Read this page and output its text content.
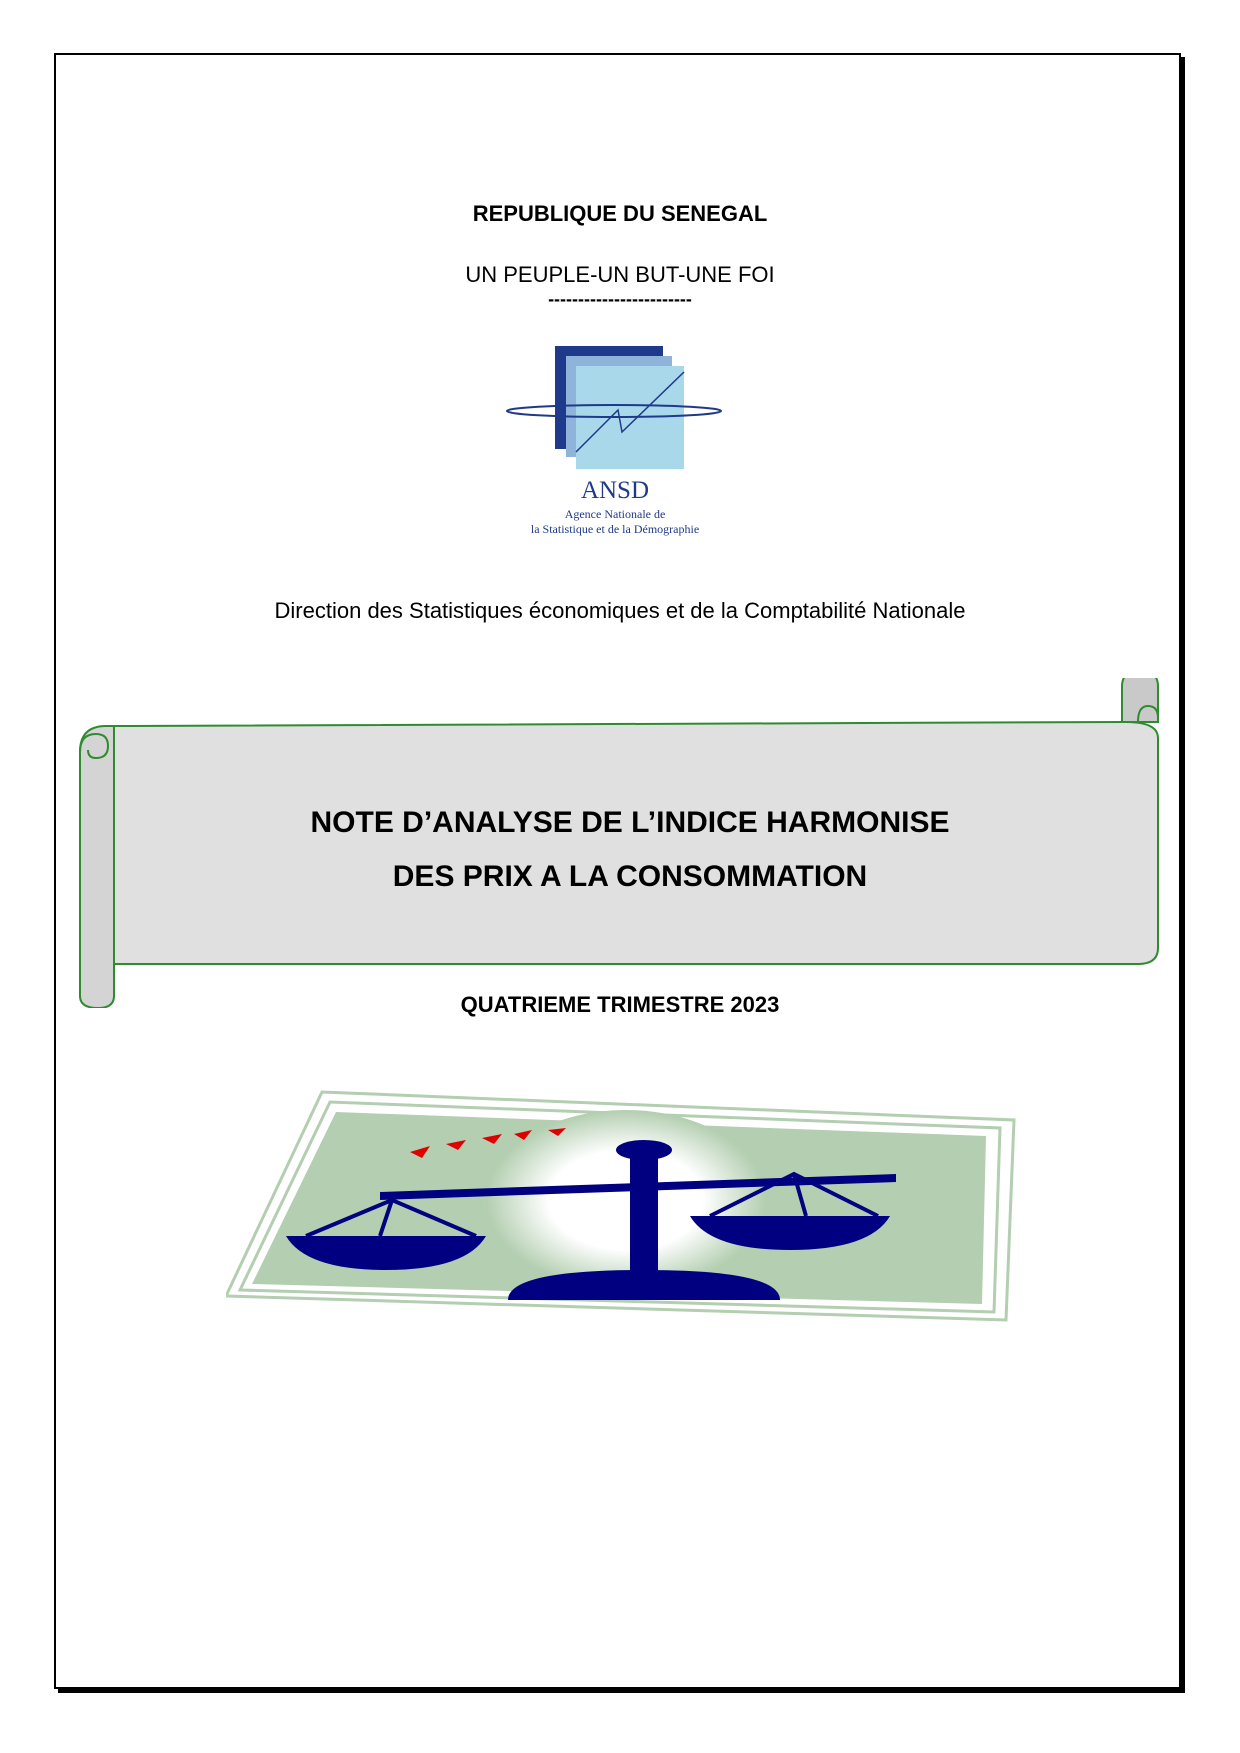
REPUBLIQUE DU SENEGAL
UN PEUPLE-UN BUT-UNE FOI
------------------------
ANSD
Agence Nationale de
la Statistique et de la Démographie
Direction des Statistiques économiques et de la Comptabilité Nationale
NOTE D’ANALYSE DE L’INDICE HARMONISE
DES PRIX A LA CONSOMMATION
QUATRIEME TRIMESTRE 2023
